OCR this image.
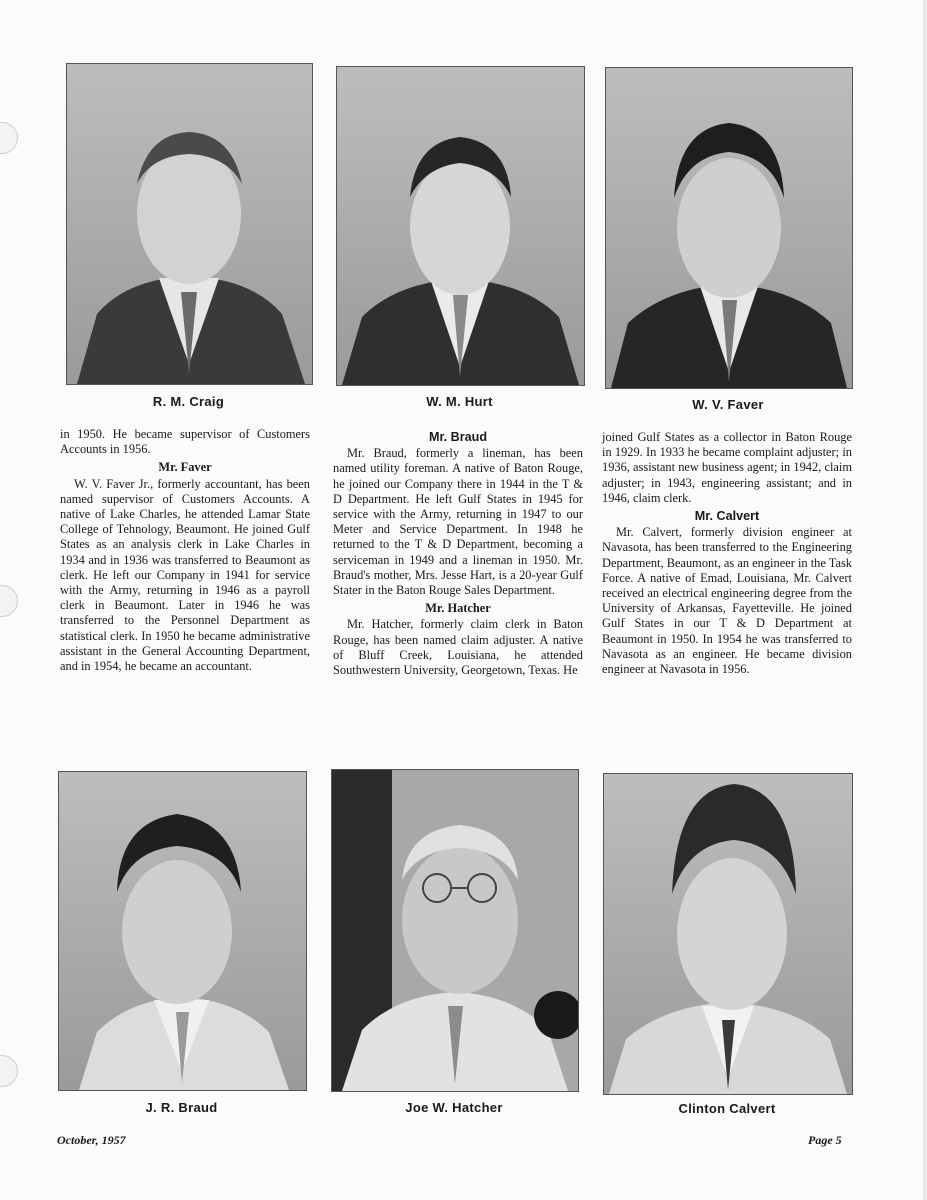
R. M. Craig	W. M. Hurt	W. V. Faver

in 1950. He became supervisor of Customers Accounts in 1956.

Mr. Faver

W. V. Faver Jr., formerly accountant, has been named supervisor of Customers Accounts. A native of Lake Charles, he attended Lamar State College of Tehnology, Beaumont. He joined Gulf States as an analysis clerk in Lake Charles in 1934 and in 1936 was transferred to Beaumont as clerk. He left our Company in 1941 for service with the Army, returning in 1946 as a payroll clerk in Beaumont. Later in 1946 he was transferred to the Personnel Department as statistical clerk. In 1950 he became administrative assistant in the General Accounting Department, and in 1954, he became an accountant.

Mr. Braud

Mr. Braud, formerly a lineman, has been named utility foreman. A native of Baton Rouge, he joined our Company there in 1944 in the T & D Department. He left Gulf States in 1945 for service with the Army, returning in 1947 to our Meter and Service Department. In 1948 he returned to the T & D Department, becoming a serviceman in 1949 and a lineman in 1950. Mr. Braud's mother, Mrs. Jesse Hart, is a 20-year Gulf Stater in the Baton Rouge Sales Department.

Mr. Hatcher

Mr. Hatcher, formerly claim clerk in Baton Rouge, has been named claim adjuster. A native of Bluff Creek, Louisiana, he attended Southwestern University, Georgetown, Texas. He

joined Gulf States as a collector in Baton Rouge in 1929. In 1933 he became complaint adjuster; in 1936, assistant new business agent; in 1942, claim adjuster; in 1943, engineering assistant; and in 1946, claim clerk.

Mr. Calvert

Mr. Calvert, formerly division engineer at Navasota, has been transferred to the Engineering Department, Beaumont, as an engineer in the Task Force. A native of Emad, Louisiana, Mr. Calvert received an electrical engineering degree from the University of Arkansas, Fayetteville. He joined Gulf States in our T & D Department at Beaumont in 1950. In 1954 he was transferred to Navasota as an engineer. He became division engineer at Navasota in 1956.

J. R. Braud	Joe W. Hatcher	Clinton Calvert
October, 1957	Page 5
